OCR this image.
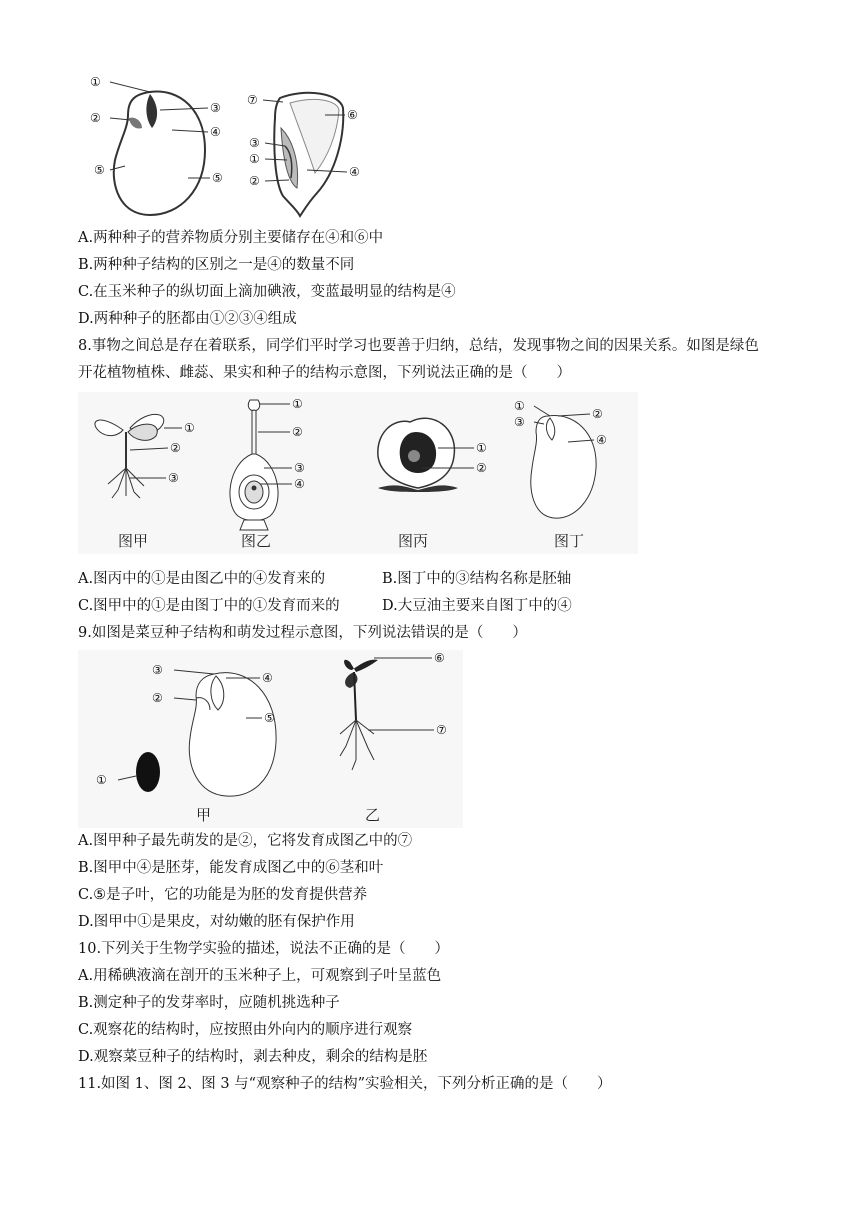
①
②
③
④
⑤
⑤
⑦
⑥
③
①
②
④
A.两种种子的营养物质分别主要储存在④和⑥中
B.两种种子结构的区别之一是④的数量不同
C.在玉米种子的纵切面上滴加碘液，变蓝最明显的结构是④
D.两种种子的胚都由①②③④组成
8.事物之间总是存在着联系，同学们平时学习也要善于归纳，总结，发现事物之间的因果关系。如图是绿色
开花植物植株、雌蕊、果实和种子的结构示意图，下列说法正确的是（　　）
①
②
③
图甲
①
②
③
④
图乙
①
②
图丙
①
③
②
④
图丁
A.图丙中的①是由图乙中的④发育来的	B.图丁中的③结构名称是胚轴
C.图甲中的①是由图丁中的①发育而来的	D.大豆油主要来自图丁中的④
9.如图是菜豆种子结构和萌发过程示意图，下列说法错误的是（　　）
③
②
④
⑤
①
甲
⑥
⑦
乙
A.图甲种子最先萌发的是②，它将发育成图乙中的⑦
B.图甲中④是胚芽，能发育成图乙中的⑥茎和叶
C.⑤是子叶，它的功能是为胚的发育提供营养
D.图甲中①是果皮，对幼嫩的胚有保护作用
10.下列关于生物学实验的描述，说法不正确的是（　　）
A.用稀碘液滴在剖开的玉米种子上，可观察到子叶呈蓝色
B.测定种子的发芽率时，应随机挑选种子
C.观察花的结构时，应按照由外向内的顺序进行观察
D.观察菜豆种子的结构时，剥去种皮，剩余的结构是胚
11.如图 1、图 2、图 3 与“观察种子的结构”实验相关，下列分析正确的是（　　）
